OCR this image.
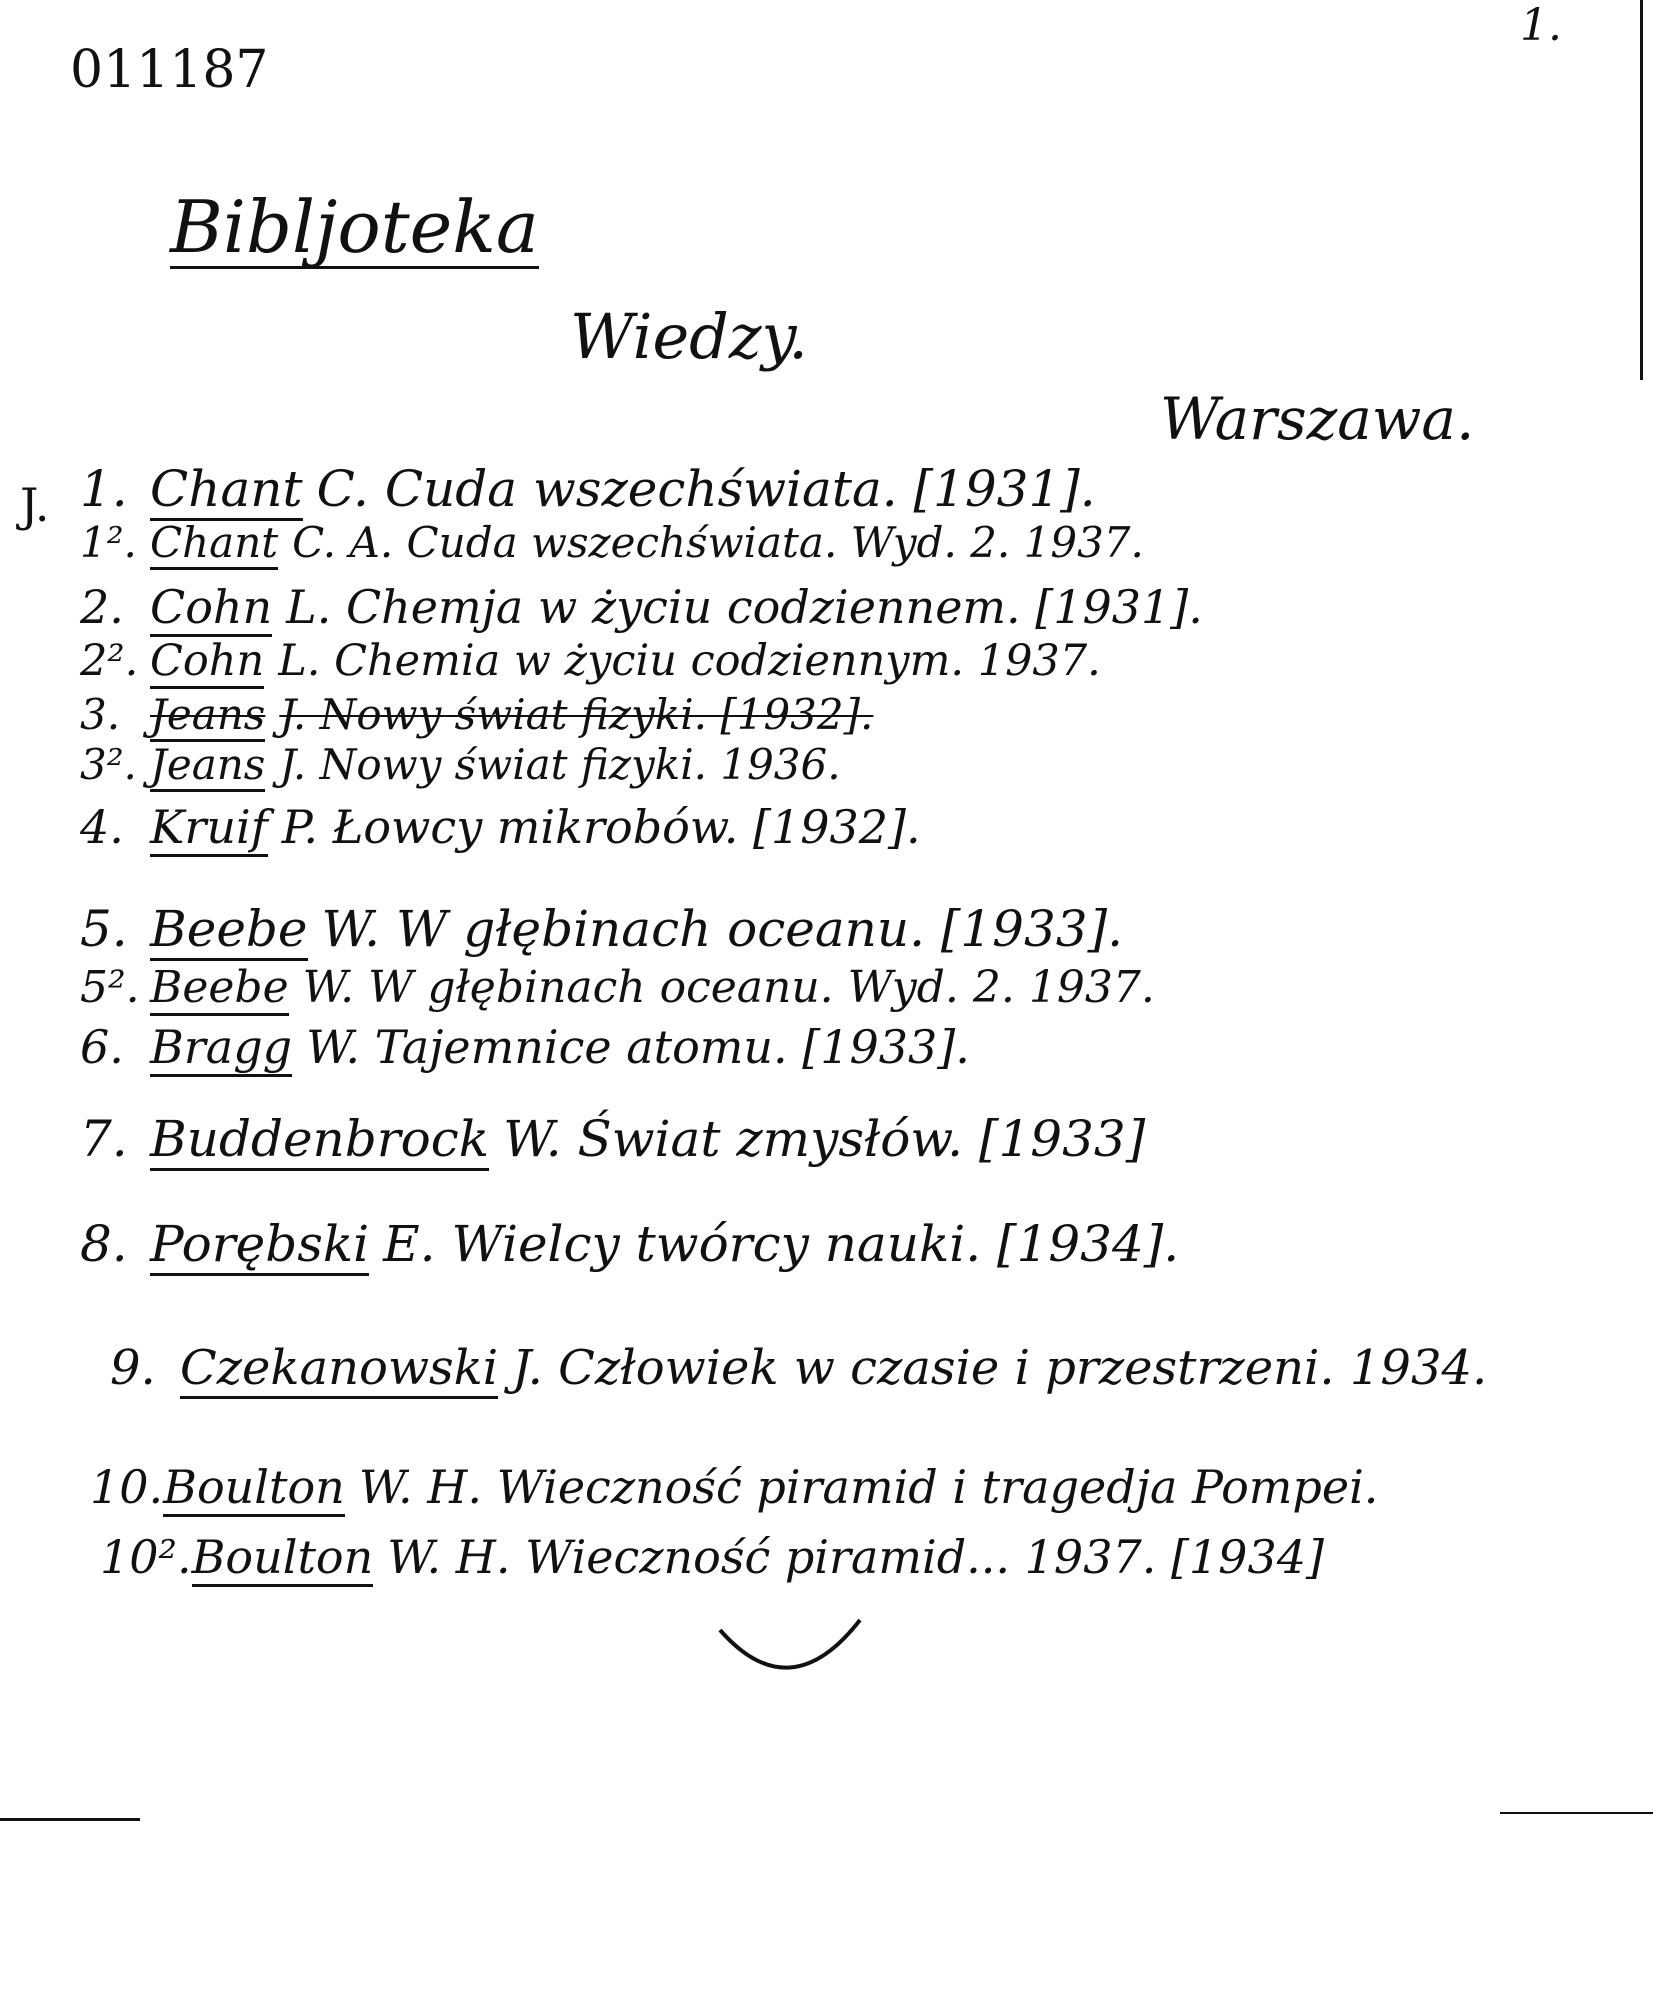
1.
011187
Bibljoteka
Wiedzy.
Warszawa.
J. 1. Chant C. Cuda wszechświata. [1931].
1². Chant C. A. Cuda wszechświata. Wyd. 2. 1937.
2. Cohn L. Chemja w życiu codziennem. [1931].
2². Cohn L. Chemia w życiu codziennym. 1937.
3. Jeans J. Nowy świat fizyki. [1932].
3². Jeans J. Nowy świat fizyki. 1936.
4. Kruif P. Łowcy mikrobów. [1932].
5. Beebe W. W głębinach oceanu. [1933].
5². Beebe W. W głębinach oceanu. Wyd. 2. 1937.
6. Bragg W. Tajemnice atomu. [1933].
7. Buddenbrock W. Świat zmysłów. [1933]
8. Porębski E. Wielcy twórcy nauki. [1934].
9. Czekanowski J. Człowiek w czasie i przestrzeni. 1934.
10.Boulton W. H. Wieczność piramid i tragedja Pompei.
10².Boulton W. H. Wieczność piramid... 1937. [1934]
